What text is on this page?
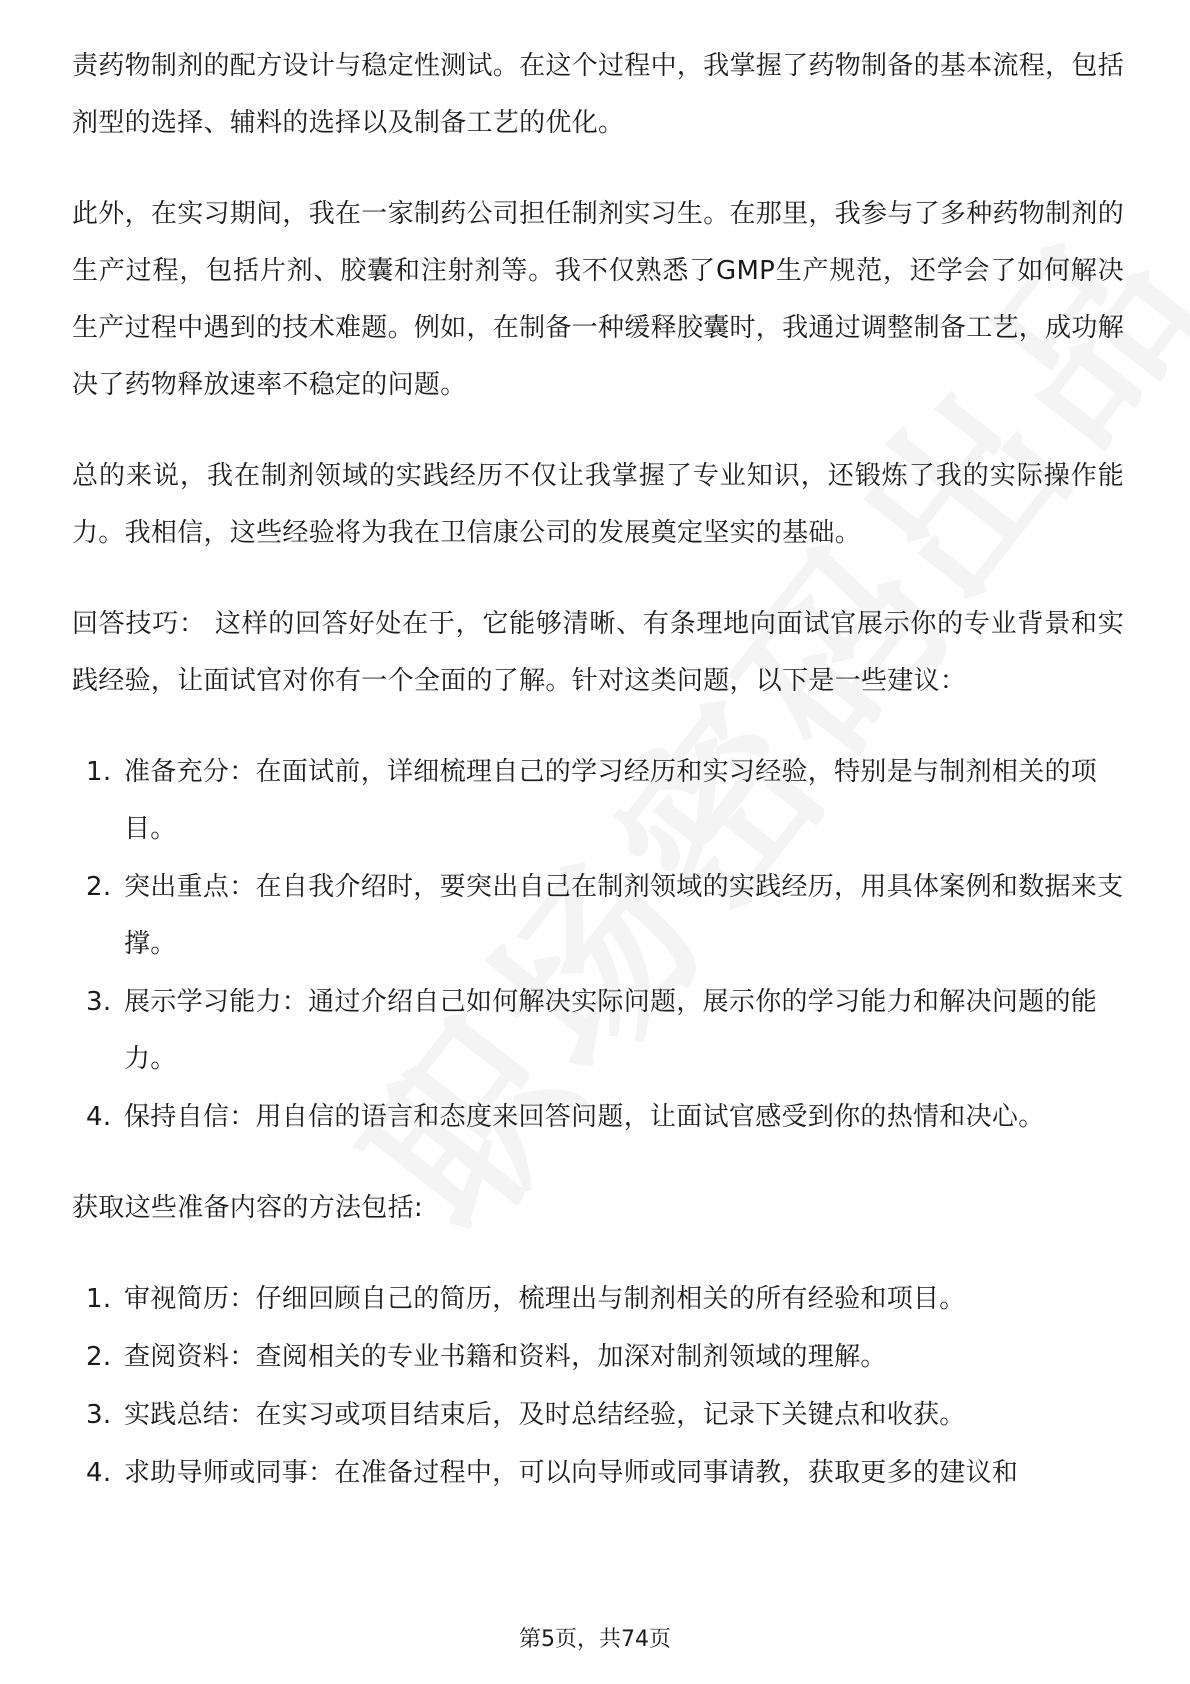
责药物制剂的配方设计与稳定性测试。在这个过程中，我掌握了药物制备的基本流程，包括剂型的选择、辅料的选择以及制备工艺的优化。

此外，在实习期间，我在一家制药公司担任制剂实习生。在那里，我参与了多种药物制剂的生产过程，包括片剂、胶囊和注射剂等。我不仅熟悉了GMP生产规范，还学会了如何解决生产过程中遇到的技术难题。例如，在制备一种缓释胶囊时，我通过调整制备工艺，成功解决了药物释放速率不稳定的问题。

总的来说，我在制剂领域的实践经历不仅让我掌握了专业知识，还锻炼了我的实际操作能力。我相信，这些经验将为我在卫信康公司的发展奠定坚实的基础。

回答技巧： 这样的回答好处在于，它能够清晰、有条理地向面试官展示你的专业背景和实践经验，让面试官对你有一个全面的了解。针对这类问题，以下是一些建议：

1. 准备充分：在面试前，详细梳理自己的学习经历和实习经验，特别是与制剂相关的项目。
2. 突出重点：在自我介绍时，要突出自己在制剂领域的实践经历，用具体案例和数据来支撑。
3. 展示学习能力：通过介绍自己如何解决实际问题，展示你的学习能力和解决问题的能力。
4. 保持自信：用自信的语言和态度来回答问题，让面试官感受到你的热情和决心。

获取这些准备内容的方法包括:

1. 审视简历：仔细回顾自己的简历，梳理出与制剂相关的所有经验和项目。
2. 查阅资料：查阅相关的专业书籍和资料，加深对制剂领域的理解。
3. 实践总结：在实习或项目结束后，及时总结经验，记录下关键点和收获。
4. 求助导师或同事：在准备过程中，可以向导师或同事请教，获取更多的建议和
第5页，共74页
